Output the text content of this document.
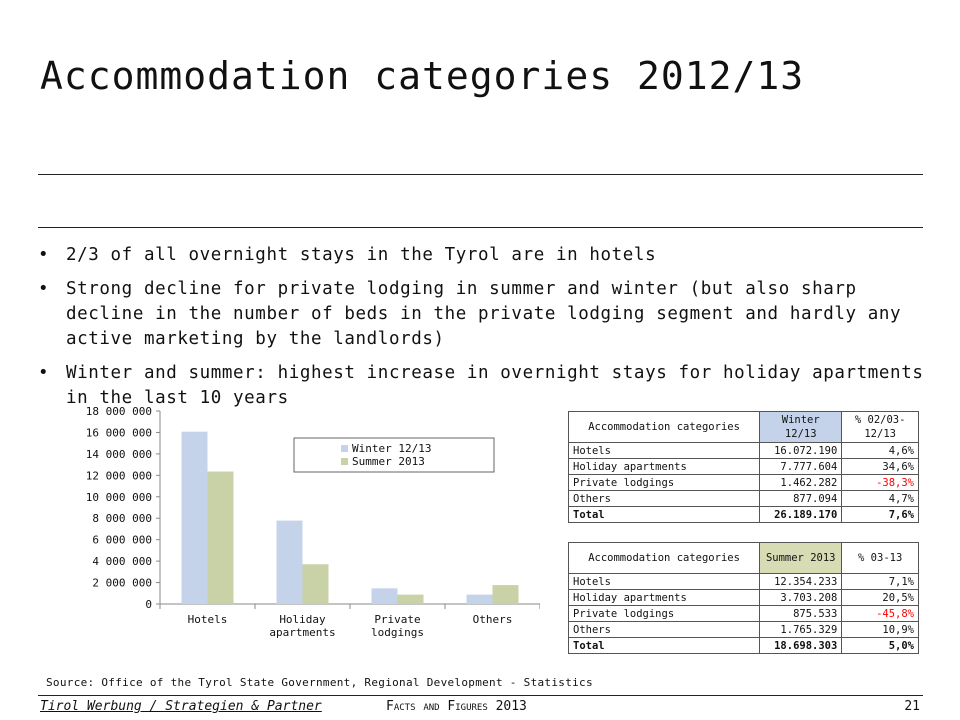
Accommodation categories 2012/13
• 2/3 of all overnight stays in the Tyrol are in hotels
• Strong decline for private lodging in summer and winter (but also sharp decline in the number of beds in the private lodging segment and hardly any active marketing by the landlords)
• Winter and summer: highest increase in overnight stays for holiday apartments in the last 10 years
0
2 000 000
4 000 000
6 000 000
8 000 000
10 000 000
12 000 000
14 000 000
16 000 000
18 000 000
Hotels	Holiday
apartments
Private
lodgings
Others
Winter 12/13
Summer 2013
Accommodation categories	Winter 12/13	% 02/03-12/13
Hotels	16.072.190	4,6%
Holiday apartments	7.777.604	34,6%
Private lodgings	1.462.282	-38,3%
Others	877.094	4,7%
Total	26.189.170	7,6%
Accommodation categories	Summer 2013	% 03-13
Hotels	12.354.233	7,1%
Holiday apartments	3.703.208	20,5%
Private lodgings	875.533	-45,8%
Others	1.765.329	10,9%
Total	18.698.303	5,0%
Source: Office of the Tyrol State Government, Regional Development - Statistics
Tirol Werbung / Strategien & Partner	Facts and Figures 2013	21
